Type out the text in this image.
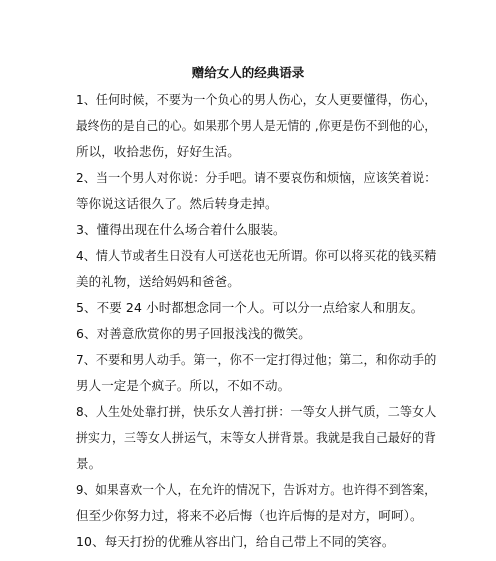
赠给女人的经典语录
1、任何时候，不要为一个负心的男人伤心，女人更要懂得，伤心，
最终伤的是自己的心。如果那个男人是无情的 ,你更是伤不到他的心，
所以，收拾悲伤，好好生活。
2、当一个男人对你说：分手吧。请不要哀伤和烦恼，应该笑着说：
等你说这话很久了。然后转身走掉。
3、懂得出现在什么场合着什么服装。
4、情人节或者生日没有人可送花也无所谓。你可以将买花的钱买精
美的礼物，送给妈妈和爸爸。
5、不要 24 小时都想念同一个人。可以分一点给家人和朋友。
6、对善意欣赏你的男子回报浅浅的微笑。
7、不要和男人动手。第一，你不一定打得过他；第二，和你动手的
男人一定是个疯子。所以，不如不动。
8、人生处处靠打拼，快乐女人善打拼：一等女人拼气质，二等女人
拼实力，三等女人拼运气，末等女人拼背景。我就是我自己最好的背
景。
9、如果喜欢一个人，在允许的情况下，告诉对方。也许得不到答案，
但至少你努力过，将来不必后悔（也许后悔的是对方，呵呵）。
10、每天打扮的优雅从容出门，给自己带上不同的笑容。
